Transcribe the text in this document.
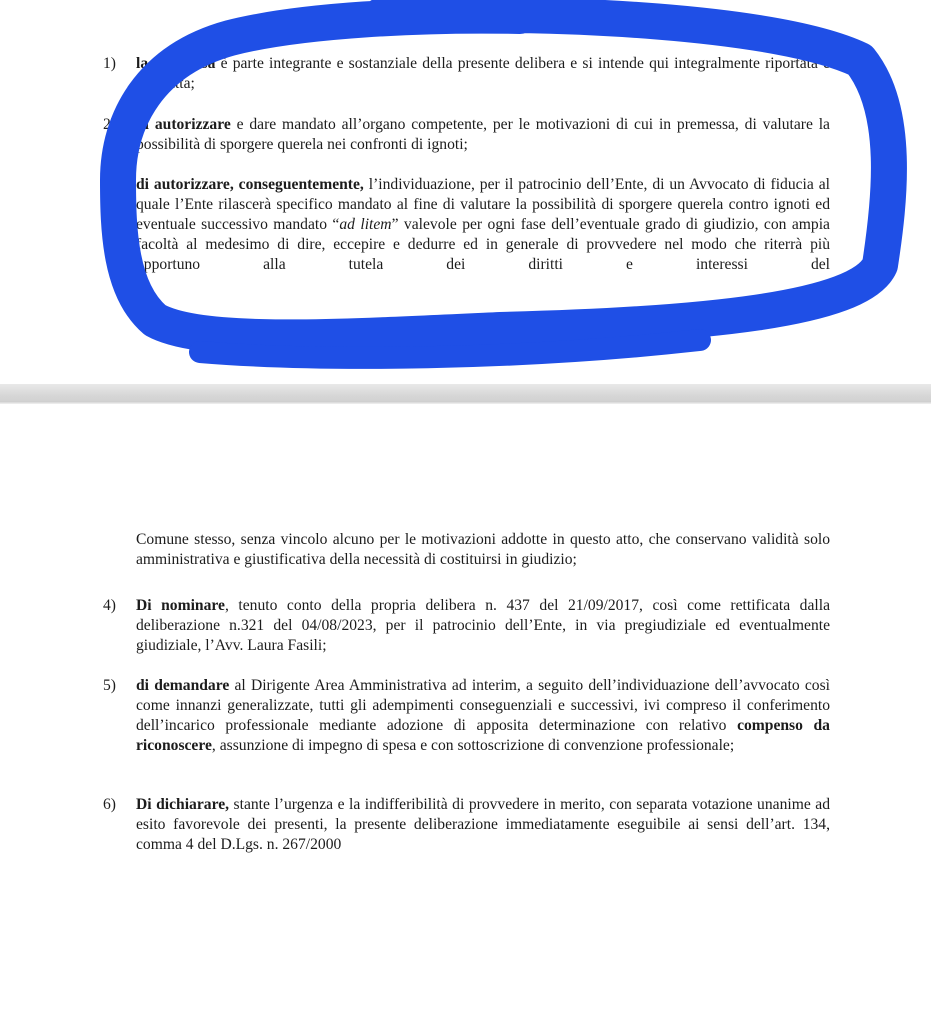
DELIBERA
1)	la premessa è parte integrante e sostanziale della presente delibera e si intende qui integralmente riportata e trascritta;
2)	di autorizzare e dare mandato all’organo competente, per le motivazioni di cui in premessa, di valutare la possibilità di sporgere querela nei confronti di ignoti;
3)	di autorizzare, conseguentemente, l’individuazione, per il patrocinio dell’Ente, di un Avvocato di fiducia al quale l’Ente rilascerà specifico mandato al fine di valutare la possibilità di sporgere querela contro ignoti ed eventuale successivo mandato “ad litem” valevole per ogni fase dell’eventuale grado di giudizio, con ampia facoltà al medesimo di dire, eccepire e dedurre ed in generale di provvedere nel modo che riterrà più opportuno alla tutela dei diritti e interessi del
Comune stesso, senza vincolo alcuno per le motivazioni addotte in questo atto, che conservano validità solo amministrativa e giustificativa della necessità di costituirsi in giudizio;
4)	Di nominare, tenuto conto della propria delibera n. 437 del 21/09/2017, così come rettificata dalla deliberazione n.321 del 04/08/2023, per il patrocinio dell’Ente, in via pregiudiziale ed eventualmente giudiziale, l’Avv. Laura Fasili;
5)	di demandare al Dirigente Area Amministrativa ad interim, a seguito dell’individuazione dell’avvocato così come innanzi generalizzate, tutti gli adempimenti conseguenziali e successivi, ivi compreso il conferimento dell’incarico professionale mediante adozione di apposita determinazione con relativo compenso da riconoscere, assunzione di impegno di spesa e con sottoscrizione di convenzione professionale;
6)	Di dichiarare, stante l’urgenza e la indifferibilità di provvedere in merito, con separata votazione unanime ad esito favorevole dei presenti, la presente deliberazione immediatamente eseguibile ai sensi dell’art. 134, comma 4 del D.Lgs. n. 267/2000
